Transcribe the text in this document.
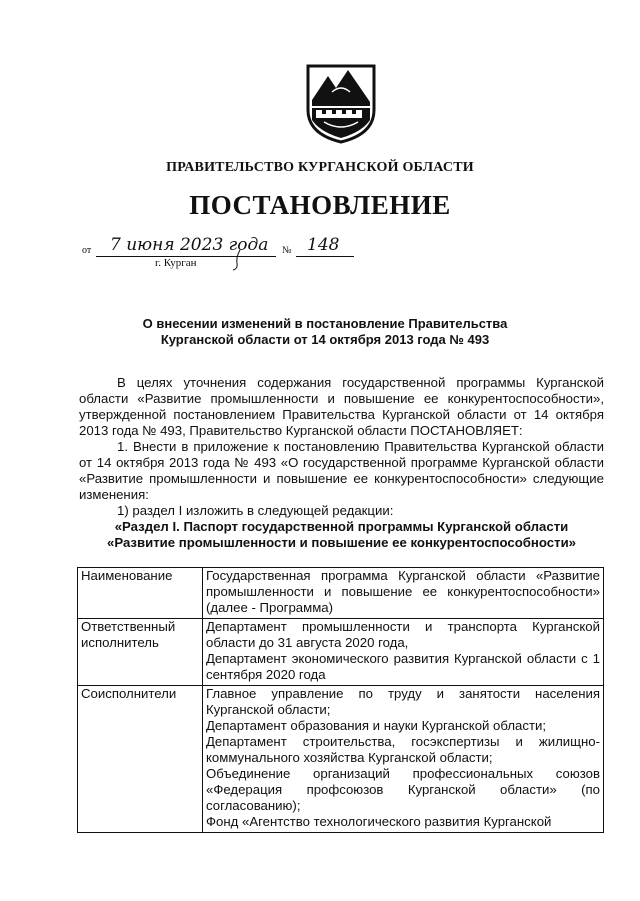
ПРАВИТЕЛЬСТВО КУРГАНСКОЙ ОБЛАСТИ
ПОСТАНОВЛЕНИЕ
от 7 июня 2023 года № 148
г. Курган
О внесении изменений в постановление Правительства
Курганской области от 14 октября 2013 года № 493

В целях уточнения содержания государственной программы Курганской области «Развитие промышленности и повышение ее конкурентоспособности», утвержденной постановлением Правительства Курганской области от 14 октября 2013 года № 493, Правительство Курганской области ПОСТАНОВЛЯЕТ:

1. Внести в приложение к постановлению Правительства Курганской области от 14 октября 2013 года № 493 «О государственной программе Курганской области «Развитие промышленности и повышение ее конкурентоспособности» следующие изменения:

1) раздел I изложить в следующей редакции:

«Раздел I. Паспорт государственной программы Курганской области
«Развитие промышленности и повышение ее конкурентоспособности»
Наименование	Государственная программа Курганской области «Развитие промышленности и повышение ее конкурентоспособности» (далее - Программа)

Ответственный исполнитель	Департамент промышленности и транспорта Курганской области до 31 августа 2020 года,

Департамент экономического развития Курганской области с 1 сентября 2020 года

Соисполнители	Главное управление по труду и занятости населения Курганской области;

Департамент образования и науки Курганской области;

Департамент строительства, госэкспертизы и жилищно-коммунального хозяйства Курганской области;

Объединение организаций профессиональных союзов «Федерация профсоюзов Курганской области» (по согласованию);

Фонд «Агентство технологического развития Курганской
